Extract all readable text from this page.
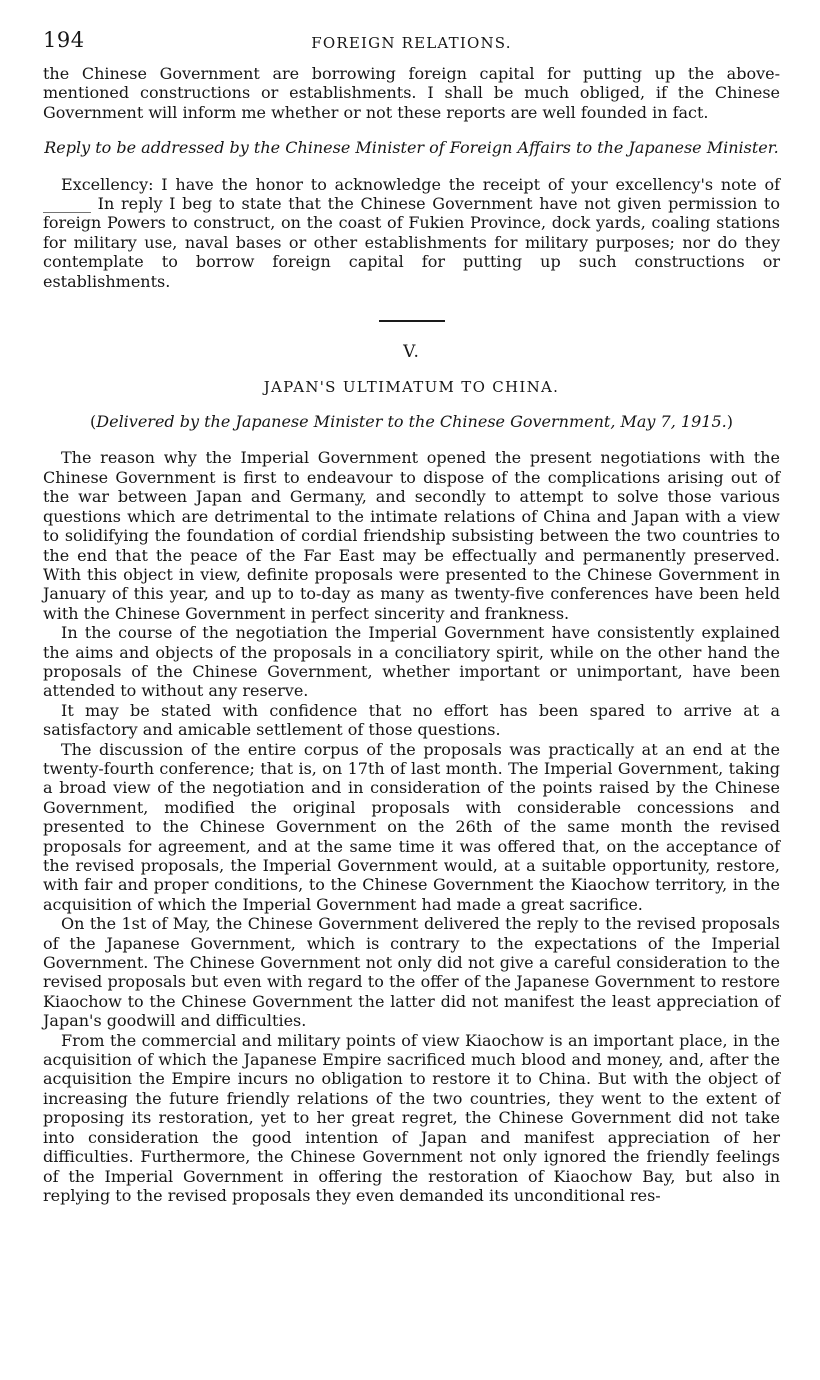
194	FOREIGN RELATIONS.

the Chinese Government are borrowing foreign capital for putting up the above-mentioned constructions or establishments. I shall be much obliged, if the Chinese Government will inform me whether or not these reports are well founded in fact.

Reply to be addressed by the Chinese Minister of Foreign Affairs to the Japanese Minister.

Excellency: I have the honor to acknowledge the receipt of your excellency's note of ______ In reply I beg to state that the Chinese Government have not given permission to foreign Powers to construct, on the coast of Fukien Province, dock yards, coaling stations for military use, naval bases or other establishments for military purposes; nor do they contemplate to borrow foreign capital for putting up such constructions or establishments.

V.
JAPAN'S ULTIMATUM TO CHINA.
(Delivered by the Japanese Minister to the Chinese Government, May 7, 1915.)

The reason why the Imperial Government opened the present negotiations with the Chinese Government is first to endeavour to dispose of the complications arising out of the war between Japan and Germany, and secondly to attempt to solve those various questions which are detrimental to the intimate relations of China and Japan with a view to solidifying the foundation of cordial friendship subsisting between the two countries to the end that the peace of the Far East may be effectually and permanently preserved. With this object in view, definite proposals were presented to the Chinese Government in January of this year, and up to to-day as many as twenty-five conferences have been held with the Chinese Government in perfect sincerity and frankness.

In the course of the negotiation the Imperial Government have consistently explained the aims and objects of the proposals in a conciliatory spirit, while on the other hand the proposals of the Chinese Government, whether important or unimportant, have been attended to without any reserve.

It may be stated with confidence that no effort has been spared to arrive at a satisfactory and amicable settlement of those questions.

The discussion of the entire corpus of the proposals was practically at an end at the twenty-fourth conference; that is, on 17th of last month. The Imperial Government, taking a broad view of the negotiation and in consideration of the points raised by the Chinese Government, modified the original proposals with considerable concessions and presented to the Chinese Government on the 26th of the same month the revised proposals for agreement, and at the same time it was offered that, on the acceptance of the revised proposals, the Imperial Government would, at a suitable opportunity, restore, with fair and proper conditions, to the Chinese Government the Kiaochow territory, in the acquisition of which the Imperial Government had made a great sacrifice.

On the 1st of May, the Chinese Government delivered the reply to the revised proposals of the Japanese Government, which is contrary to the expectations of the Imperial Government. The Chinese Government not only did not give a careful consideration to the revised proposals but even with regard to the offer of the Japanese Government to restore Kiaochow to the Chinese Government the latter did not manifest the least appreciation of Japan's goodwill and difficulties.

From the commercial and military points of view Kiaochow is an important place, in the acquisition of which the Japanese Empire sacrificed much blood and money, and, after the acquisition the Empire incurs no obligation to restore it to China. But with the object of increasing the future friendly relations of the two countries, they went to the extent of proposing its restoration, yet to her great regret, the Chinese Government did not take into consideration the good intention of Japan and manifest appreciation of her difficulties. Furthermore, the Chinese Government not only ignored the friendly feelings of the Imperial Government in offering the restoration of Kiaochow Bay, but also in replying to the revised proposals they even demanded its unconditional res-
